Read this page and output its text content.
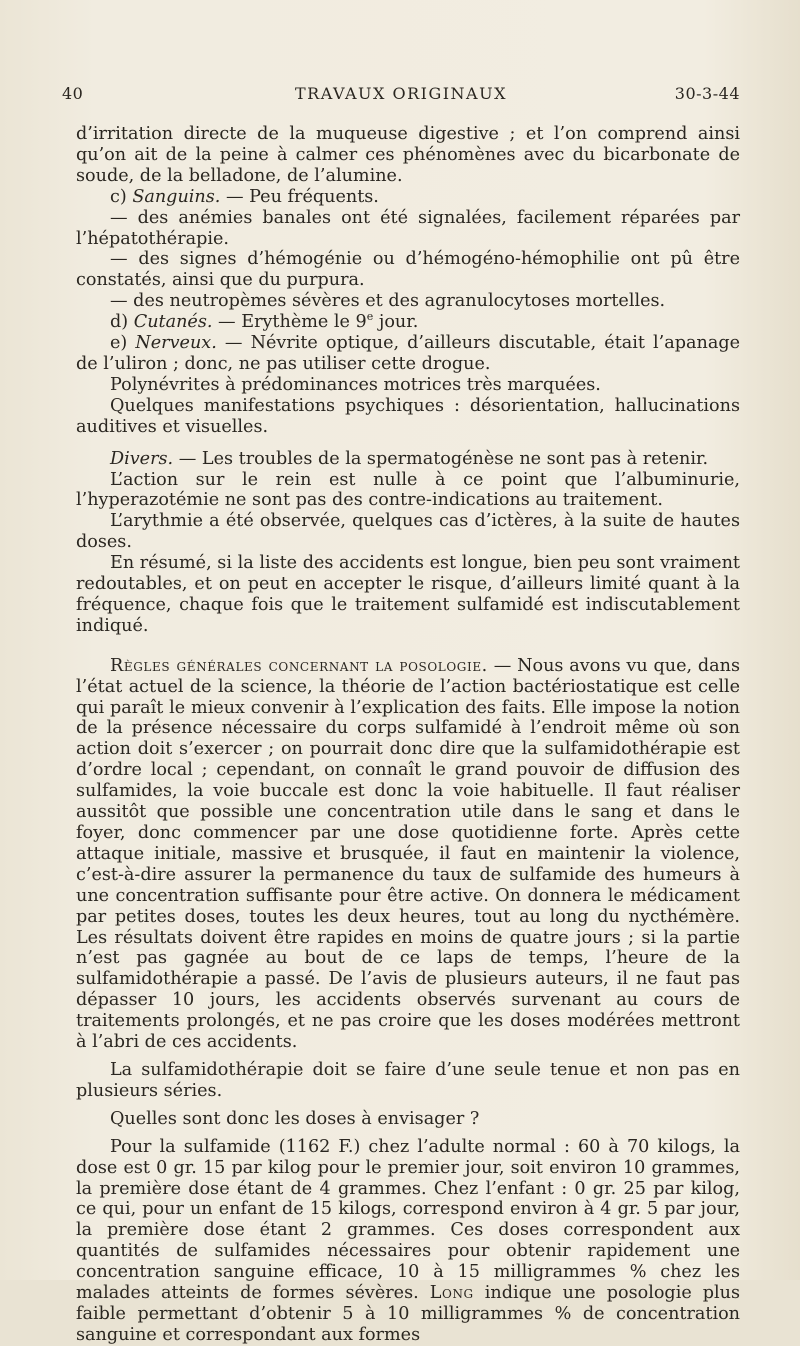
40	TRAVAUX ORIGINAUX	30-3-44

d’irritation directe de la muqueuse digestive ; et l’on comprend ainsi qu’on ait de la peine à calmer ces phénomènes avec du bicarbonate de soude, de la belladone, de l’alumine.

c) Sanguins. — Peu fréquents.

— des anémies banales ont été signalées, facilement réparées par l’hépatothérapie.

— des signes d’hémogénie ou d’hémogéno-hémophilie ont pû être constatés, ainsi que du purpura.

— des neutropèmes sévères et des agranulocytoses mortelles.

d) Cutanés. — Erythème le 9e jour.

e) Nerveux. — Névrite optique, d’ailleurs discutable, était l’apanage de l’uliron ; donc, ne pas utiliser cette drogue.

Polynévrites à prédominances motrices très marquées.

Quelques manifestations psychiques : désorientation, hallucinations auditives et visuelles.

Divers. — Les troubles de la spermatogénèse ne sont pas à retenir.

L’action sur le rein est nulle à ce point que l’albuminurie, l’hyperazotémie ne sont pas des contre-indications au traitement.

L’arythmie a été observée, quelques cas d’ictères, à la suite de hautes doses.

En résumé, si la liste des accidents est longue, bien peu sont vraiment redoutables, et on peut en accepter le risque, d’ailleurs limité quant à la fréquence, chaque fois que le traitement sulfamidé est indiscutablement indiqué.

Règles générales concernant la posologie. — Nous avons vu que, dans l’état actuel de la science, la théorie de l’action bactériostatique est celle qui paraît le mieux convenir à l’explication des faits. Elle impose la notion de la présence nécessaire du corps sulfamidé à l’endroit même où son action doit s’exercer ; on pourrait donc dire que la sulfamidothérapie est d’ordre local ; cependant, on connaît le grand pouvoir de diffusion des sulfamides, la voie buccale est donc la voie habituelle. Il faut réaliser aussitôt que possible une concentration utile dans le sang et dans le foyer, donc commencer par une dose quotidienne forte. Après cette attaque initiale, massive et brusquée, il faut en maintenir la violence, c’est-à-dire assurer la permanence du taux de sulfamide des humeurs à une concentration suffisante pour être active. On donnera le médicament par petites doses, toutes les deux heures, tout au long du nycthémère. Les résultats doivent être rapides en moins de quatre jours ; si la partie n’est pas gagnée au bout de ce laps de temps, l’heure de la sulfamidothérapie a passé. De l’avis de plusieurs auteurs, il ne faut pas dépasser 10 jours, les accidents observés survenant au cours de traitements prolongés, et ne pas croire que les doses modérées mettront à l’abri de ces accidents.

La sulfamidothérapie doit se faire d’une seule tenue et non pas en plusieurs séries.

Quelles sont donc les doses à envisager ?

Pour la sulfamide (1162 F.) chez l’adulte normal : 60 à 70 kilogs, la dose est 0 gr. 15 par kilog pour le premier jour, soit environ 10 grammes, la première dose étant de 4 grammes. Chez l’enfant : 0 gr. 25 par kilog, ce qui, pour un enfant de 15 kilogs, correspond environ à 4 gr. 5 par jour, la première dose étant 2 grammes. Ces doses correspondent aux quantités de sulfamides nécessaires pour obtenir rapidement une concentration sanguine efficace, 10 à 15 milligrammes % chez les malades atteints de formes sévères. Long indique une posologie plus faible permettant d’obtenir 5 à 10 milligrammes % de concentration sanguine et correspondant aux formes
